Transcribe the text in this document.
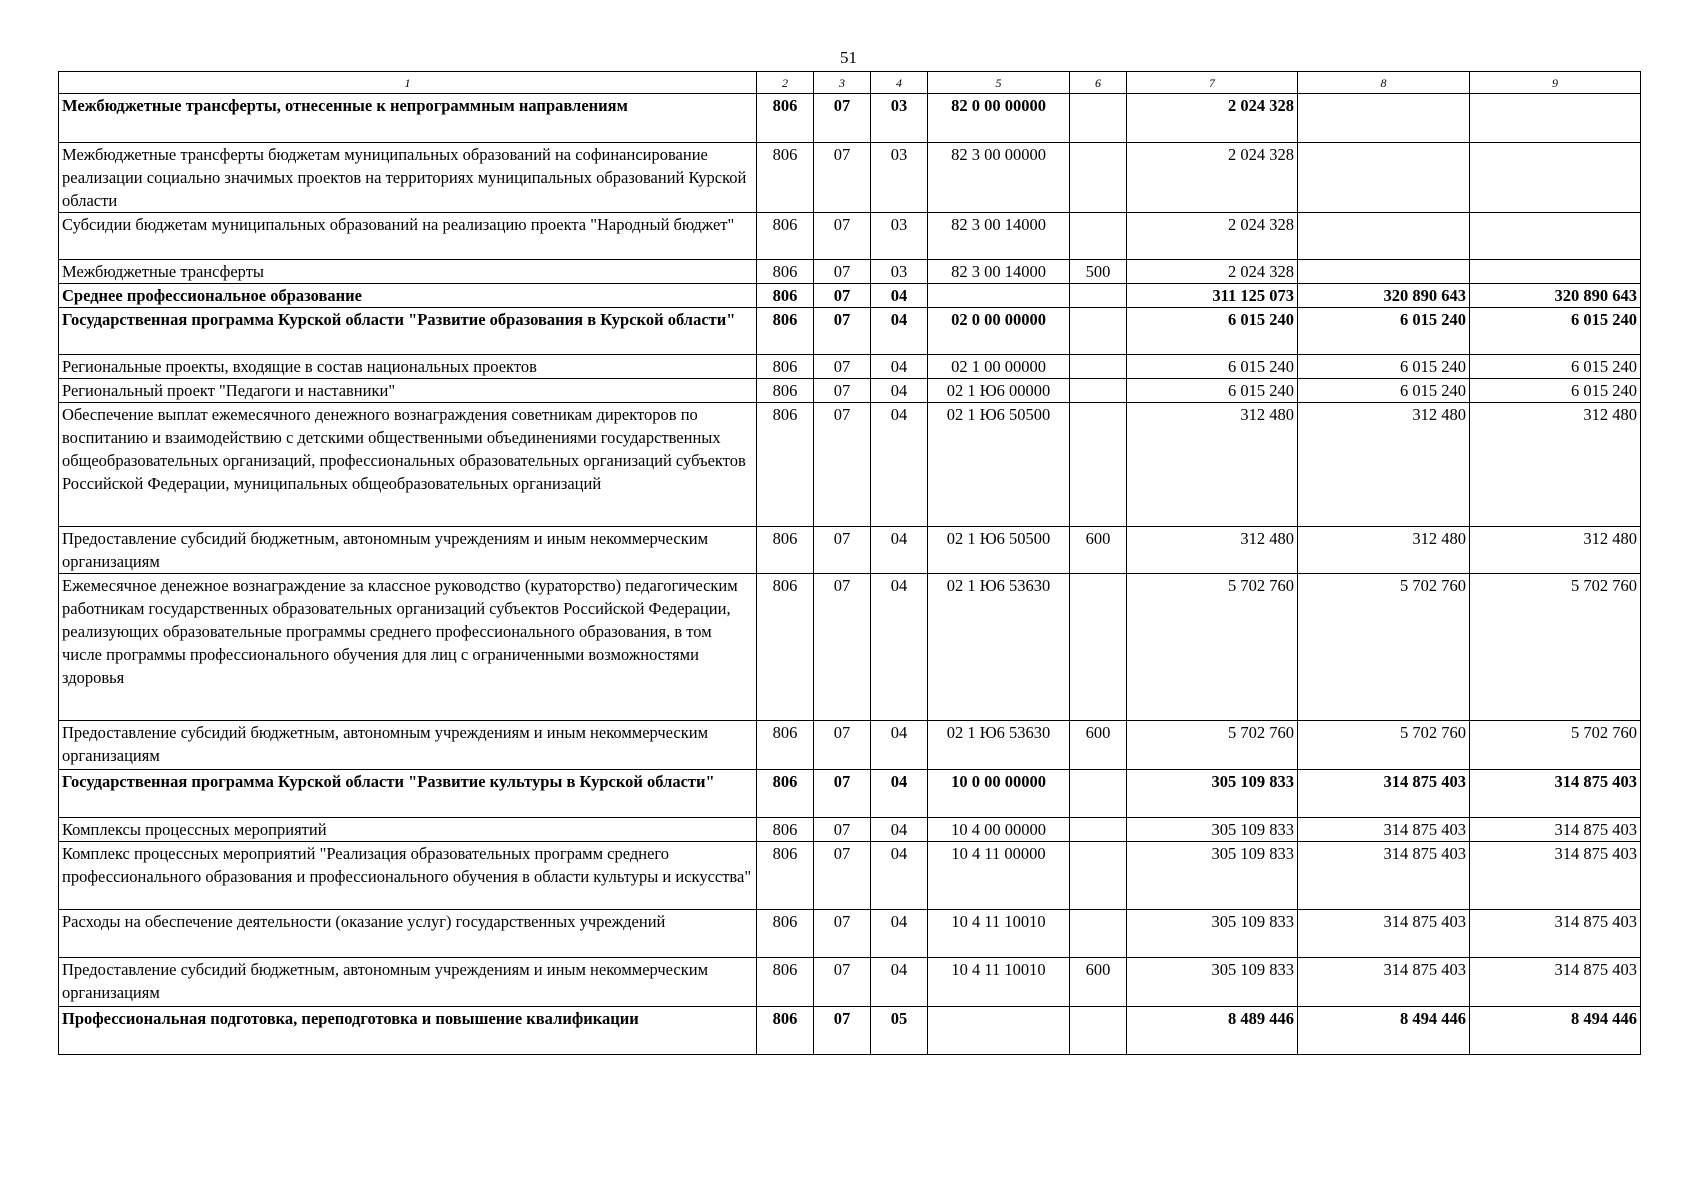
51
1	2	3	4	5	6	7	8	9
Межбюджетные трансферты, отнесенные к непрограммным направлениям	806	07	03	82 0 00 00000		2 024 328		
Межбюджетные трансферты бюджетам муниципальных образований на софинансирование реализации социально значимых проектов на территориях муниципальных образований Курской области	806	07	03	82 3 00 00000		2 024 328		
Субсидии бюджетам муниципальных образований на реализацию проекта "Народный бюджет"	806	07	03	82 3 00 14000		2 024 328		
Межбюджетные трансферты	806	07	03	82 3 00 14000	500	2 024 328		
Среднее профессиональное образование	806	07	04			311 125 073	320 890 643	320 890 643
Государственная программа Курской области "Развитие образования в Курской области"	806	07	04	02 0 00 00000		6 015 240	6 015 240	6 015 240
Региональные проекты, входящие в состав национальных проектов	806	07	04	02 1 00 00000		6 015 240	6 015 240	6 015 240
Региональный проект "Педагоги и наставники"	806	07	04	02 1 Ю6 00000		6 015 240	6 015 240	6 015 240
Обеспечение выплат ежемесячного денежного вознаграждения советникам директоров по воспитанию и взаимодействию с детскими общественными объединениями государственных общеобразовательных организаций, профессиональных образовательных организаций субъектов Российской Федерации, муниципальных общеобразовательных организаций	806	07	04	02 1 Ю6 50500		312 480	312 480	312 480
Предоставление субсидий бюджетным, автономным учреждениям и иным некоммерческим организациям	806	07	04	02 1 Ю6 50500	600	312 480	312 480	312 480
Ежемесячное денежное вознаграждение за классное руководство (кураторство) педагогическим работникам государственных образовательных организаций субъектов Российской Федерации, реализующих образовательные программы среднего профессионального образования, в том числе программы профессионального обучения для лиц с ограниченными возможностями здоровья	806	07	04	02 1 Ю6 53630		5 702 760	5 702 760	5 702 760
Предоставление субсидий бюджетным, автономным учреждениям и иным некоммерческим организациям	806	07	04	02 1 Ю6 53630	600	5 702 760	5 702 760	5 702 760
Государственная программа Курской области "Развитие культуры в Курской области"	806	07	04	10 0 00 00000		305 109 833	314 875 403	314 875 403
Комплексы процессных мероприятий	806	07	04	10 4 00 00000		305 109 833	314 875 403	314 875 403
Комплекс процессных мероприятий "Реализация образовательных программ среднего профессионального образования и профессионального обучения в области культуры и искусства"	806	07	04	10 4 11 00000		305 109 833	314 875 403	314 875 403
Расходы на обеспечение деятельности (оказание услуг) государственных учреждений	806	07	04	10 4 11 10010		305 109 833	314 875 403	314 875 403
Предоставление субсидий бюджетным, автономным учреждениям и иным некоммерческим организациям	806	07	04	10 4 11 10010	600	305 109 833	314 875 403	314 875 403
Профессиональная подготовка, переподготовка и повышение квалификации	806	07	05			8 489 446	8 494 446	8 494 446
